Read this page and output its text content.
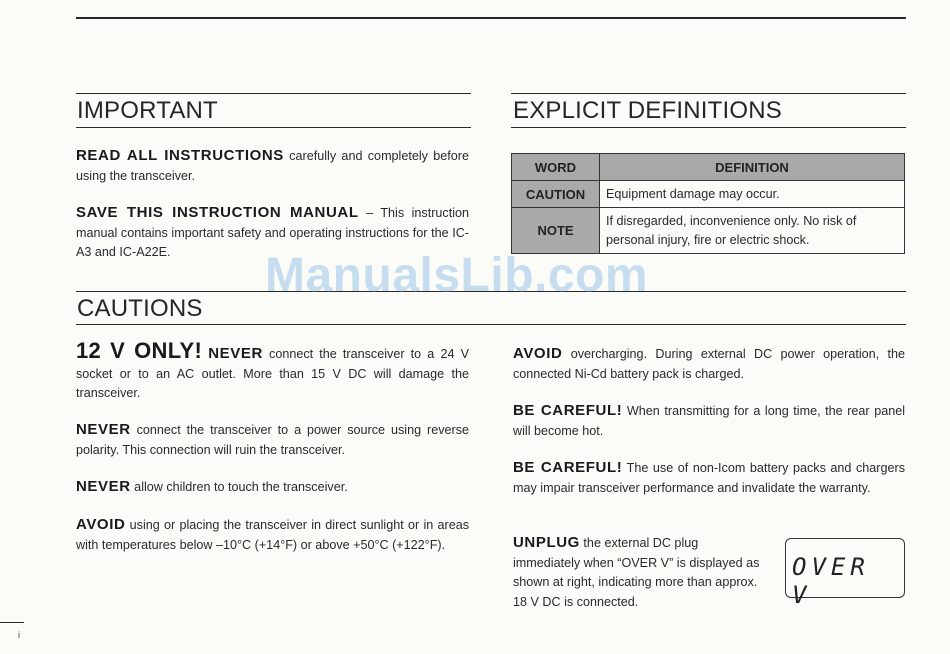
IMPORTANT

READ ALL INSTRUCTIONS carefully and completely before using the transceiver.

SAVE THIS INSTRUCTION MANUAL – This instruction manual contains important safety and operating instructions for the IC-A3 and IC-A22E.

EXPLICIT DEFINITIONS
WORD	DEFINITION
CAUTION	Equipment damage may occur.
NOTE	If disregarded, inconvenience only. No risk of personal injury, fire or electric shock.
CAUTIONS

12 V ONLY! NEVER connect the transceiver to a 24 V socket or to an AC outlet. More than 15 V DC will damage the transceiver.

NEVER connect the transceiver to a power source using reverse polarity. This connection will ruin the transceiver.

NEVER allow children to touch the transceiver.

AVOID using or placing the transceiver in direct sunlight or in areas with temperatures below –10°C (+14°F) or above +50°C (+122°F).

AVOID overcharging. During external DC power operation, the connected Ni-Cd battery pack is charged.

BE CAREFUL! When transmitting for a long time, the rear panel will become hot.

BE CAREFUL! The use of non-Icom battery packs and chargers may impair transceiver performance and invalidate the warranty.

UNPLUG the external DC plug immediately when “OVER V” is displayed as shown at right, indicating more than approx. 18 V DC is connected.

OVER V
ManualsLib.com
i
